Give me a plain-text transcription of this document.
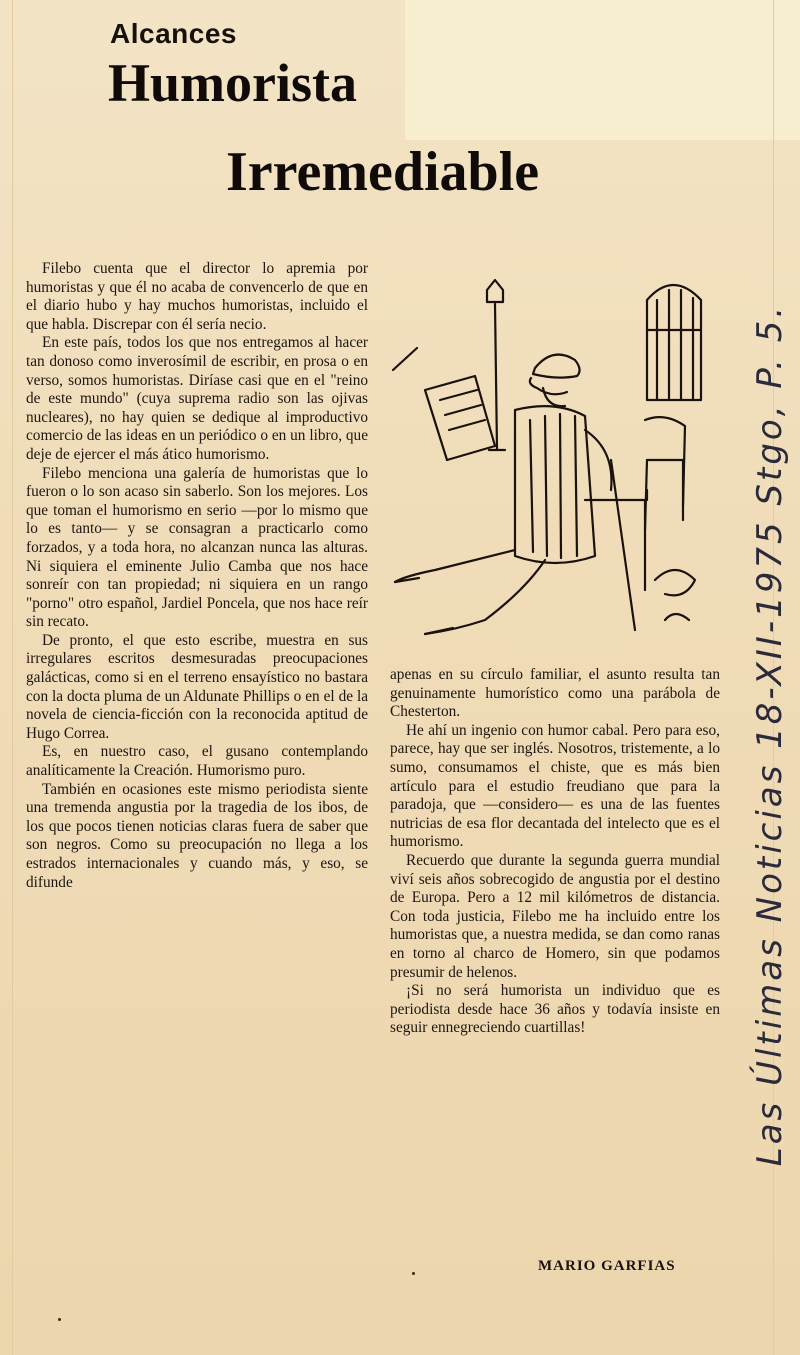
Alcances
Humorista
Irremediable

Filebo cuenta que el director lo apremia por humoristas y que él no acaba de convencerlo de que en el diario hubo y hay muchos humoristas, incluido el que habla. Discrepar con él sería necio.

En este país, todos los que nos entregamos al hacer tan donoso como inverosímil de escribir, en prosa o en verso, somos humoristas. Diríase casi que en el "reino de este mundo" (cuya suprema radio son las ojivas nucleares), no hay quien se dedique al improductivo comercio de las ideas en un periódico o en un libro, que deje de ejercer el más ático humorismo.

Filebo menciona una galería de humoristas que lo fueron o lo son acaso sin saberlo. Son los mejores. Los que toman el humorismo en serio —por lo mismo que lo es tanto— y se consagran a practicarlo como forzados, y a toda hora, no alcanzan nunca las alturas. Ni siquiera el eminente Julio Camba que nos hace sonreír con tan propiedad; ni siquiera en un rango "porno" otro español, Jardiel Poncela, que nos hace reír sin recato.

De pronto, el que esto escribe, muestra en sus irregulares escritos desmesuradas preocupaciones galácticas, como si en el terreno ensayístico no bastara con la docta pluma de un Aldunate Phillips o en el de la novela de ciencia-ficción con la reconocida aptitud de Hugo Correa.

Es, en nuestro caso, el gusano contemplando analíticamente la Creación. Humorismo puro.

También en ocasiones este mismo periodista siente una tremenda angustia por la tragedia de los ibos, de los que pocos tienen noticias claras fuera de saber que son negros. Como su preocupación no llega a los estrados internacionales y cuando más, y eso, se difunde

apenas en su círculo familiar, el asunto resulta tan genuinamente humorístico como una parábola de Chesterton.

He ahí un ingenio con humor cabal. Pero para eso, parece, hay que ser inglés. Nosotros, tristemente, a lo sumo, consumamos el chiste, que es más bien artículo para el estudio freudiano que para la paradoja, que —considero— es una de las fuentes nutricias de esa flor decantada del intelecto que es el humorismo.

Recuerdo que durante la segunda guerra mundial viví seis años sobrecogido de angustia por el destino de Europa. Pero a 12 mil kilómetros de distancia. Con toda justicia, Filebo me ha incluido entre los humoristas que, a nuestra medida, se dan como ranas en torno al charco de Homero, sin que podamos presumir de helenos.

¡Si no será humorista un individuo que es periodista desde hace 36 años y todavía insiste en seguir ennegreciendo cuartillas!

MARIO GARFIAS
Las Últimas Noticias 18-XII-1975 Stgo, P. 5.
